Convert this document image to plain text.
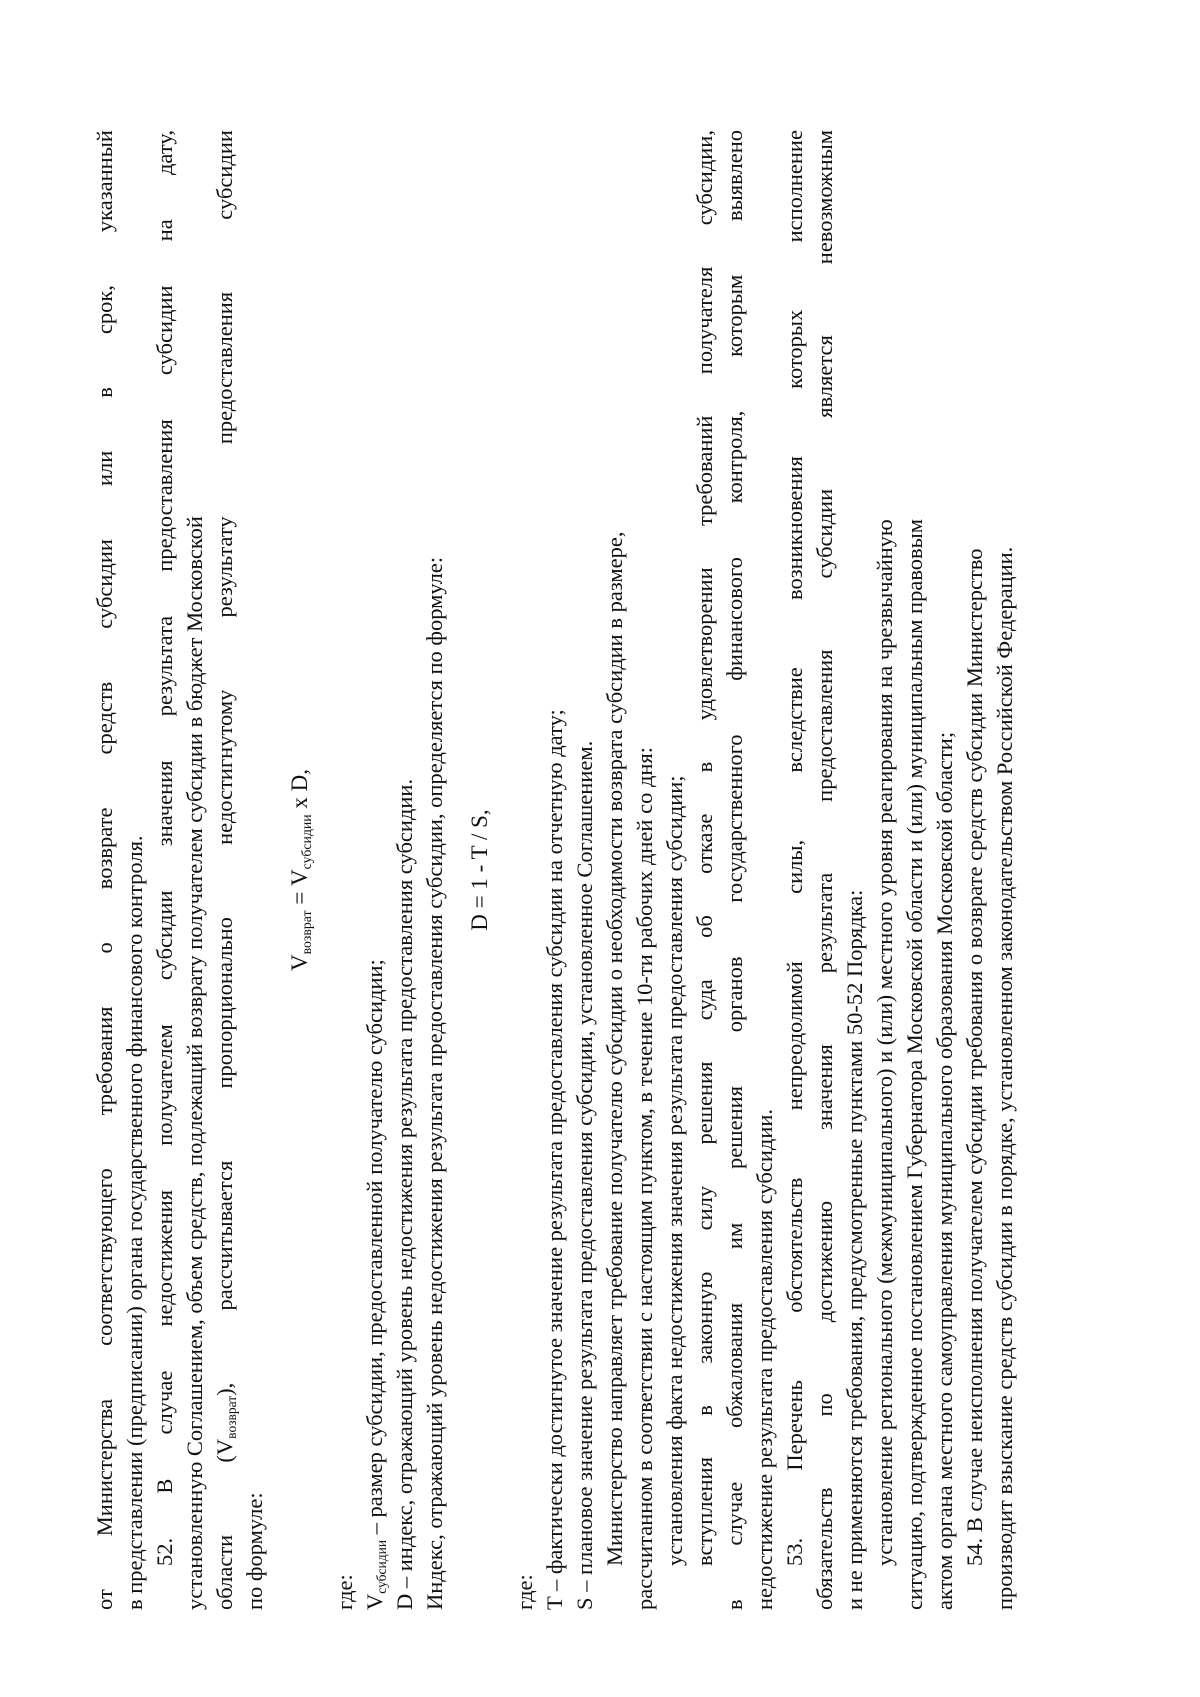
от
Министерства
соответствующего
требования
о
возврате
средств
субсидии
или
в
срок,
указанный
в представлении (предписании) органа государственного финансового контроля. 52.
В
случае
недостижения
получателем
субсидии
значения
результата
предоставления
субсидии
на
дату,
установленную Соглашением, объем средств, подлежащий возврату получателем субсидии в бюджет Московской области
$(V_{возврат})$,
рассчитывается
пропорционально
недостигнутому
результату
предоставления
субсидии
по формуле:
$V_{возврат} = V_{субсидии}$ x D,
где: $V_{субсидии}$ – размер субсидии, предоставленной получателю субсидии; D – индекс, отражающий уровень недостижения результата предоставления субсидии. Индекс, отражающий уровень недостижения результата предоставления субсидии, определяется по формуле: D = 1 - T / S,
где: T – фактически достигнутое значение результата предоставления субсидии на отчетную дату; S – плановое значение результата предоставления субсидии, установленное Соглашением. Министерство направляет требование получателю субсидии о необходимости возврата субсидии в размере, рассчитанном в соответствии с настоящим пунктом, в течение 10-ти рабочих дней со дня: установления факта недостижения значения результата предоставления субсидии; вступления
в
законную
силу
решения
суда
об
отказе
в
удовлетворении
требований
получателя
субсидии,
в
случае
обжалования
им
решения
органов
государственного
финансового
контроля,
которым
выявлено
недостижение результата предоставления субсидии. 53.
Перечень
обстоятельств
непреодолимой
силы,
вследствие
возникновения
которых
исполнение
обязательств
по
достижению
значения
результата
предоставления
субсидии
является
невозможным
и не применяются требования, предусмотренные пунктами 50-52 Порядка: установление регионального (межмуниципального) и (или) местного уровня реагирования на чрезвычайную ситуацию, подтвержденное постановлением Губернатора Московской области и (или) муниципальным правовым актом органа местного самоуправления муниципального образования Московской области; 54. В случае неисполнения получателем субсидии требования о возврате средств субсидии Министерство производит взыскание средств субсидии в порядке, установленном законодательством Российской Федерации.
